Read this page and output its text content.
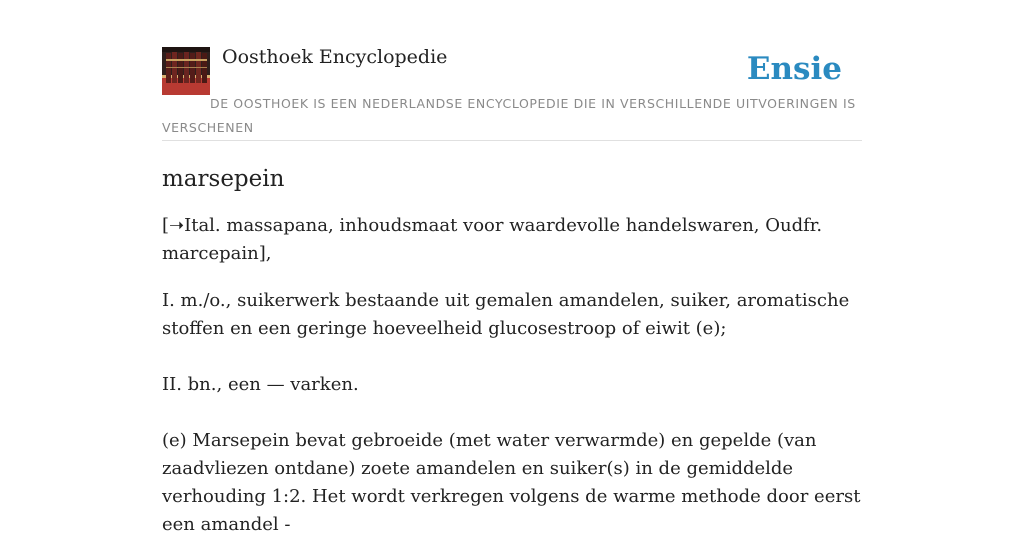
Oosthoek Encyclopedie	Ensie
DE OOSTHOEK IS EEN NEDERLANDSE ENCYCLOPEDIE DIE IN VERSCHILLENDE UITVOERINGEN IS VERSCHENEN
marsepein

[➝Ital. massapana, inhoudsmaat voor waardevolle handelswaren, Oudfr. marcepain],

I. m./o., suikerwerk bestaande uit gemalen amandelen, suiker, aromatische stoffen en een geringe hoeveelheid glucosestroop of eiwit (e);

II. bn., een — varken.

(e) Marsepein bevat gebroeide (met water verwarmde) en gepelde (van zaadvliezen ontdane) zoete amandelen en suiker(s) in de gemiddelde verhouding 1:2. Het wordt verkregen volgens de warme methode door eerst een amandel -
